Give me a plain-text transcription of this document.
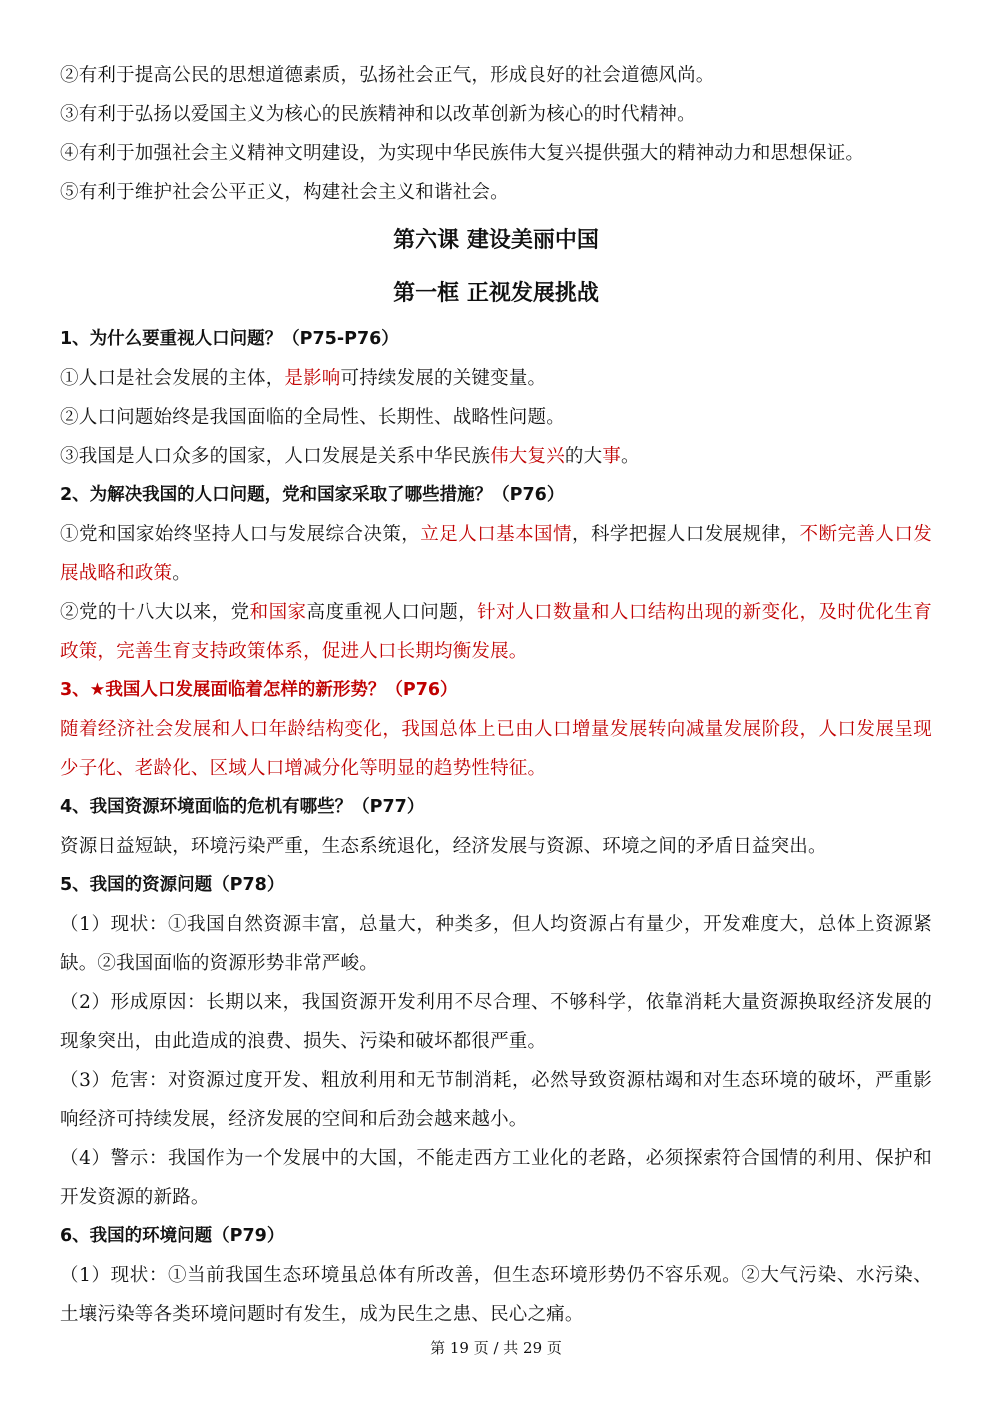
②有利于提高公民的思想道德素质，弘扬社会正气，形成良好的社会道德风尚。
③有利于弘扬以爱国主义为核心的民族精神和以改革创新为核心的时代精神。
④有利于加强社会主义精神文明建设，为实现中华民族伟大复兴提供强大的精神动力和思想保证。
⑤有利于维护社会公平正义，构建社会主义和谐社会。
第六课 建设美丽中国
第一框 正视发展挑战
1、为什么要重视人口问题？（P75-P76）
①人口是社会发展的主体，是影响可持续发展的关键变量。
②人口问题始终是我国面临的全局性、长期性、战略性问题。
③我国是人口众多的国家，人口发展是关系中华民族伟大复兴的大事。
2、为解决我国的人口问题，党和国家采取了哪些措施？（P76）
①党和国家始终坚持人口与发展综合决策，立足人口基本国情，科学把握人口发展规律，不断完善人口发展战略和政策。
②党的十八大以来，党和国家高度重视人口问题，针对人口数量和人口结构出现的新变化，及时优化生育政策，完善生育支持政策体系，促进人口长期均衡发展。
3、★我国人口发展面临着怎样的新形势？（P76）
随着经济社会发展和人口年龄结构变化，我国总体上已由人口增量发展转向减量发展阶段，人口发展呈现少子化、老龄化、区域人口增减分化等明显的趋势性特征。
4、我国资源环境面临的危机有哪些？（P77）
资源日益短缺，环境污染严重，生态系统退化，经济发展与资源、环境之间的矛盾日益突出。
5、我国的资源问题（P78）
（1）现状：①我国自然资源丰富，总量大，种类多，但人均资源占有量少，开发难度大，总体上资源紧缺。②我国面临的资源形势非常严峻。
（2）形成原因：长期以来，我国资源开发利用不尽合理、不够科学，依靠消耗大量资源换取经济发展的现象突出，由此造成的浪费、损失、污染和破坏都很严重。
（3）危害：对资源过度开发、粗放利用和无节制消耗，必然导致资源枯竭和对生态环境的破坏，严重影响经济可持续发展，经济发展的空间和后劲会越来越小。
（4）警示：我国作为一个发展中的大国，不能走西方工业化的老路，必须探索符合国情的利用、保护和开发资源的新路。
6、我国的环境问题（P79）
（1）现状：①当前我国生态环境虽总体有所改善，但生态环境形势仍不容乐观。②大气污染、水污染、土壤污染等各类环境问题时有发生，成为民生之患、民心之痛。
第 19 页 / 共 29 页
